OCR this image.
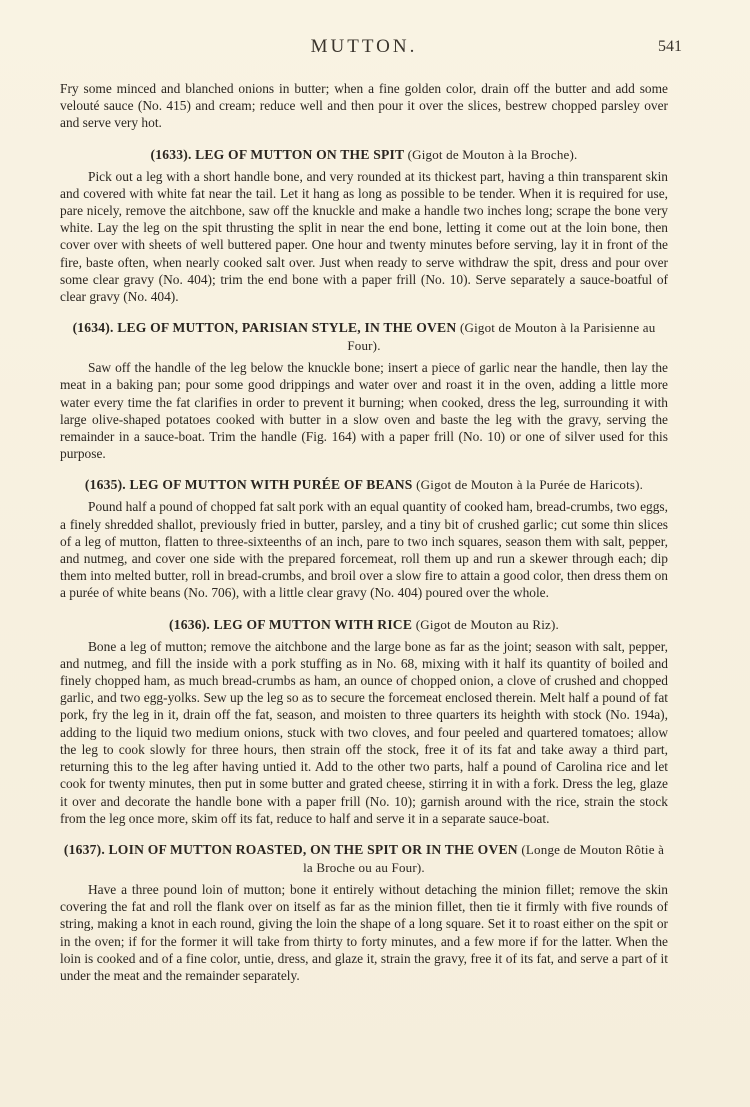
MUTTON.	541

Fry some minced and blanched onions in butter; when a fine golden color, drain off the butter and add some velouté sauce (No. 415) and cream; reduce well and then pour it over the slices, bestrew chopped parsley over and serve very hot.

(1633). LEG OF MUTTON ON THE SPIT (Gigot de Mouton à la Broche).

Pick out a leg with a short handle bone, and very rounded at its thickest part, having a thin transparent skin and covered with white fat near the tail. Let it hang as long as possible to be tender. When it is required for use, pare nicely, remove the aitchbone, saw off the knuckle and make a handle two inches long; scrape the bone very white. Lay the leg on the spit thrusting the split in near the end bone, letting it come out at the loin bone, then cover over with sheets of well buttered paper. One hour and twenty minutes before serving, lay it in front of the fire, baste often, when nearly cooked salt over. Just when ready to serve withdraw the spit, dress and pour over some clear gravy (No. 404); trim the end bone with a paper frill (No. 10). Serve separately a sauce-boatful of clear gravy (No. 404).

(1634). LEG OF MUTTON, PARISIAN STYLE, IN THE OVEN (Gigot de Mouton à la Parisienne au Four).

Saw off the handle of the leg below the knuckle bone; insert a piece of garlic near the handle, then lay the meat in a baking pan; pour some good drippings and water over and roast it in the oven, adding a little more water every time the fat clarifies in order to prevent it burning; when cooked, dress the leg, surrounding it with large olive-shaped potatoes cooked with butter in a slow oven and baste the leg with the gravy, serving the remainder in a sauce-boat. Trim the handle (Fig. 164) with a paper frill (No. 10) or one of silver used for this purpose.

(1635). LEG OF MUTTON WITH PURÉE OF BEANS (Gigot de Mouton à la Purée de Haricots).

Pound half a pound of chopped fat salt pork with an equal quantity of cooked ham, bread-crumbs, two eggs, a finely shredded shallot, previously fried in butter, parsley, and a tiny bit of crushed garlic; cut some thin slices of a leg of mutton, flatten to three-sixteenths of an inch, pare to two inch squares, season them with salt, pepper, and nutmeg, and cover one side with the prepared forcemeat, roll them up and run a skewer through each; dip them into melted butter, roll in bread-crumbs, and broil over a slow fire to attain a good color, then dress them on a purée of white beans (No. 706), with a little clear gravy (No. 404) poured over the whole.

(1636). LEG OF MUTTON WITH RICE (Gigot de Mouton au Riz).

Bone a leg of mutton; remove the aitchbone and the large bone as far as the joint; season with salt, pepper, and nutmeg, and fill the inside with a pork stuffing as in No. 68, mixing with it half its quantity of boiled and finely chopped ham, as much bread-crumbs as ham, an ounce of chopped onion, a clove of crushed and chopped garlic, and two egg-yolks. Sew up the leg so as to secure the forcemeat enclosed therein. Melt half a pound of fat pork, fry the leg in it, drain off the fat, season, and moisten to three quarters its heighth with stock (No. 194a), adding to the liquid two medium onions, stuck with two cloves, and four peeled and quartered tomatoes; allow the leg to cook slowly for three hours, then strain off the stock, free it of its fat and take away a third part, returning this to the leg after having untied it. Add to the other two parts, half a pound of Carolina rice and let cook for twenty minutes, then put in some butter and grated cheese, stirring it in with a fork. Dress the leg, glaze it over and decorate the handle bone with a paper frill (No. 10); garnish around with the rice, strain the stock from the leg once more, skim off its fat, reduce to half and serve it in a separate sauce-boat.

(1637). LOIN OF MUTTON ROASTED, ON THE SPIT OR IN THE OVEN (Longe de Mouton Rôtie à la Broche ou au Four).

Have a three pound loin of mutton; bone it entirely without detaching the minion fillet; remove the skin covering the fat and roll the flank over on itself as far as the minion fillet, then tie it firmly with five rounds of string, making a knot in each round, giving the loin the shape of a long square. Set it to roast either on the spit or in the oven; if for the former it will take from thirty to forty minutes, and a few more if for the latter. When the loin is cooked and of a fine color, untie, dress, and glaze it, strain the gravy, free it of its fat, and serve a part of it under the meat and the remainder separately.
